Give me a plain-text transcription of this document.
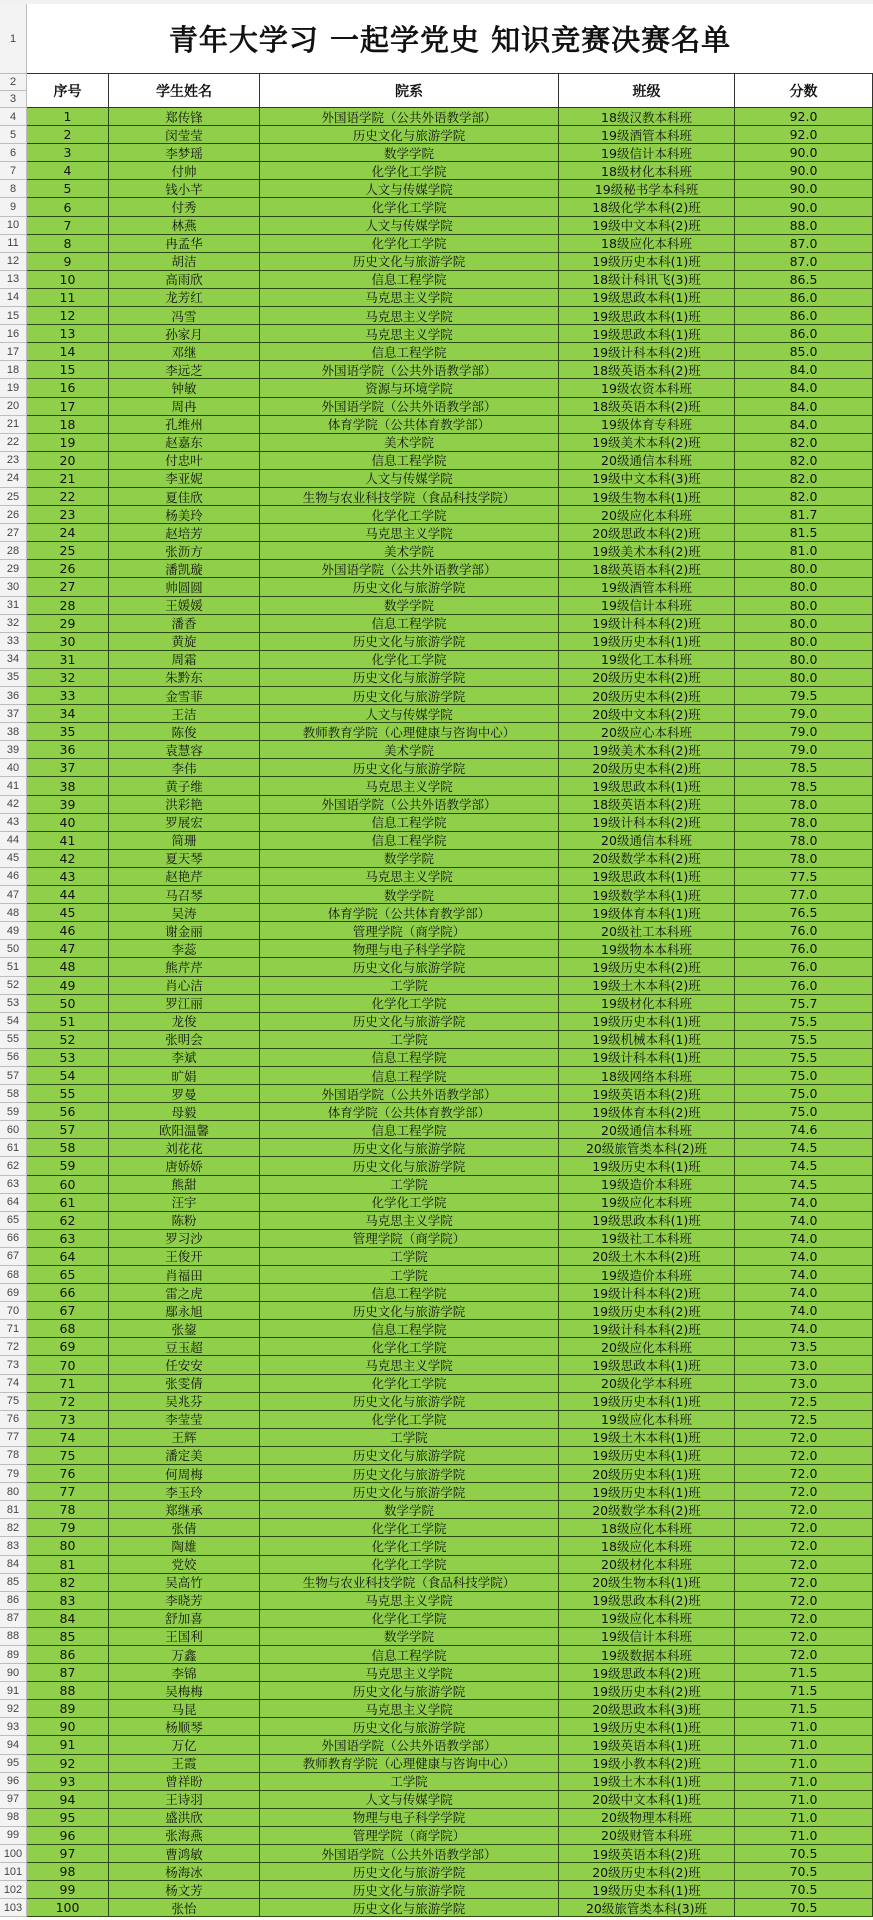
1	青年大学习 一起学党史 知识竞赛决赛名单
2
3	序号	学生姓名	院系	班级	分数
4	1	郑传锋	外国语学院（公共外语教学部）	18级汉教本科班	92.0
5	2	闵莹莹	历史文化与旅游学院	19级酒管本科班	92.0
6	3	李梦瑶	数学学院	19级信计本科班	90.0
7	4	付帅	化学化工学院	18级材化本科班	90.0
8	5	钱小芊	人文与传媒学院	19级秘书学本科班	90.0
9	6	付秀	化学化工学院	18级化学本科(2)班	90.0
10	7	林燕	人文与传媒学院	19级中文本科(2)班	88.0
11	8	冉孟华	化学化工学院	18级应化本科班	87.0
12	9	胡洁	历史文化与旅游学院	19级历史本科(1)班	87.0
13	10	高雨欣	信息工程学院	18级计科讯飞(3)班	86.5
14	11	龙芳红	马克思主义学院	19级思政本科(1)班	86.0
15	12	冯雪	马克思主义学院	19级思政本科(1)班	86.0
16	13	孙家月	马克思主义学院	19级思政本科(1)班	86.0
17	14	邓继	信息工程学院	19级计科本科(2)班	85.0
18	15	李远芝	外国语学院（公共外语教学部）	18级英语本科(2)班	84.0
19	16	钟敏	资源与环境学院	19级农资本科班	84.0
20	17	周冉	外国语学院（公共外语教学部）	18级英语本科(2)班	84.0
21	18	孔维州	体育学院（公共体育教学部）	19级体育专科班	84.0
22	19	赵嘉东	美术学院	19级美术本科(2)班	82.0
23	20	付忠叶	信息工程学院	20级通信本科班	82.0
24	21	李亚妮	人文与传媒学院	19级中文本科(3)班	82.0
25	22	夏佳欣	生物与农业科技学院（食品科技学院）	19级生物本科(1)班	82.0
26	23	杨美玲	化学化工学院	20级应化本科班	81.7
27	24	赵培芳	马克思主义学院	20级思政本科(2)班	81.5
28	25	张沥方	美术学院	19级美术本科(2)班	81.0
29	26	潘凯璇	外国语学院（公共外语教学部）	18级英语本科(2)班	80.0
30	27	帅圆圆	历史文化与旅游学院	19级酒管本科班	80.0
31	28	王媛媛	数学学院	19级信计本科班	80.0
32	29	潘香	信息工程学院	19级计科本科(2)班	80.0
33	30	黄旋	历史文化与旅游学院	19级历史本科(1)班	80.0
34	31	周霜	化学化工学院	19级化工本科班	80.0
35	32	朱黔东	历史文化与旅游学院	20级历史本科(2)班	80.0
36	33	金雪菲	历史文化与旅游学院	20级历史本科(2)班	79.5
37	34	王洁	人文与传媒学院	20级中文本科(2)班	79.0
38	35	陈俊	教师教育学院（心理健康与咨询中心）	20级应心本科班	79.0
39	36	袁慧容	美术学院	19级美术本科(2)班	79.0
40	37	李伟	历史文化与旅游学院	20级历史本科(2)班	78.5
41	38	黄子维	马克思主义学院	19级思政本科(1)班	78.5
42	39	洪彩艳	外国语学院（公共外语教学部）	18级英语本科(2)班	78.0
43	40	罗展宏	信息工程学院	19级计科本科(2)班	78.0
44	41	简珊	信息工程学院	20级通信本科班	78.0
45	42	夏天琴	数学学院	20级数学本科(2)班	78.0
46	43	赵艳芹	马克思主义学院	19级思政本科(1)班	77.5
47	44	马召琴	数学学院	19级数学本科(1)班	77.0
48	45	吴涛	体育学院（公共体育教学部）	19级体育本科(1)班	76.5
49	46	谢金丽	管理学院（商学院）	20级社工本科班	76.0
50	47	李蕊	物理与电子科学学院	19级物本本科班	76.0
51	48	熊芹芹	历史文化与旅游学院	19级历史本科(2)班	76.0
52	49	肖心洁	工学院	19级土木本科(2)班	76.0
53	50	罗江丽	化学化工学院	19级材化本科班	75.7
54	51	龙俊	历史文化与旅游学院	19级历史本科(1)班	75.5
55	52	张明会	工学院	19级机械本科(1)班	75.5
56	53	李斌	信息工程学院	19级计科本科(1)班	75.5
57	54	旷娟	信息工程学院	18级网络本科班	75.0
58	55	罗曼	外国语学院（公共外语教学部）	19级英语本科(2)班	75.0
59	56	母毅	体育学院（公共体育教学部）	19级体育本科(2)班	75.0
60	57	欧阳温馨	信息工程学院	20级通信本科班	74.6
61	58	刘花花	历史文化与旅游学院	20级旅管类本科(2)班	74.5
62	59	唐娇娇	历史文化与旅游学院	19级历史本科(1)班	74.5
63	60	熊甜	工学院	19级造价本科班	74.5
64	61	汪宇	化学化工学院	19级应化本科班	74.0
65	62	陈粉	马克思主义学院	19级思政本科(1)班	74.0
66	63	罗习沙	管理学院（商学院）	19级社工本科班	74.0
67	64	王俊开	工学院	20级土木本科(2)班	74.0
68	65	肖福田	工学院	19级造价本科班	74.0
69	66	雷之虎	信息工程学院	19级计科本科(2)班	74.0
70	67	鄢永旭	历史文化与旅游学院	19级历史本科(2)班	74.0
71	68	张鋆	信息工程学院	19级计科本科(2)班	74.0
72	69	豆玉超	化学化工学院	20级应化本科班	73.5
73	70	任安安	马克思主义学院	19级思政本科(1)班	73.0
74	71	张雯倩	化学化工学院	20级化学本科班	73.0
75	72	吴兆芬	历史文化与旅游学院	19级历史本科(1)班	72.5
76	73	李莹莹	化学化工学院	19级应化本科班	72.5
77	74	王辉	工学院	19级土木本科(1)班	72.0
78	75	潘定美	历史文化与旅游学院	19级历史本科(1)班	72.0
79	76	何周梅	历史文化与旅游学院	20级历史本科(1)班	72.0
80	77	李玉玲	历史文化与旅游学院	19级历史本科(1)班	72.0
81	78	郑继承	数学学院	20级数学本科(2)班	72.0
82	79	张倩	化学化工学院	18级应化本科班	72.0
83	80	陶雄	化学化工学院	18级应化本科班	72.0
84	81	党姣	化学化工学院	20级材化本科班	72.0
85	82	吴高竹	生物与农业科技学院（食品科技学院）	20级生物本科(1)班	72.0
86	83	李晓芳	马克思主义学院	19级思政本科(2)班	72.0
87	84	舒加喜	化学化工学院	19级应化本科班	72.0
88	85	王国利	数学学院	19级信计本科班	72.0
89	86	万鑫	信息工程学院	19级数据本科班	72.0
90	87	李锦	马克思主义学院	19级思政本科(2)班	71.5
91	88	吴梅梅	历史文化与旅游学院	19级历史本科(2)班	71.5
92	89	马昆	马克思主义学院	20级思政本科(3)班	71.5
93	90	杨顺琴	历史文化与旅游学院	19级历史本科(1)班	71.0
94	91	万亿	外国语学院（公共外语教学部）	19级英语本科(1)班	71.0
95	92	王霞	教师教育学院（心理健康与咨询中心）	19级小教本科(2)班	71.0
96	93	曾祥盼	工学院	19级土木本科(1)班	71.0
97	94	王诗羽	人文与传媒学院	20级中文本科(1)班	71.0
98	95	盛洪欣	物理与电子科学学院	20级物理本科班	71.0
99	96	张海燕	管理学院（商学院）	20级财管本科班	71.0
100	97	曹鸿敏	外国语学院（公共外语教学部）	19级英语本科(2)班	70.5
101	98	杨海冰	历史文化与旅游学院	20级历史本科(2)班	70.5
102	99	杨文芳	历史文化与旅游学院	19级历史本科(1)班	70.5
103	100	张怡	历史文化与旅游学院	20级旅管类本科(3)班	70.5
